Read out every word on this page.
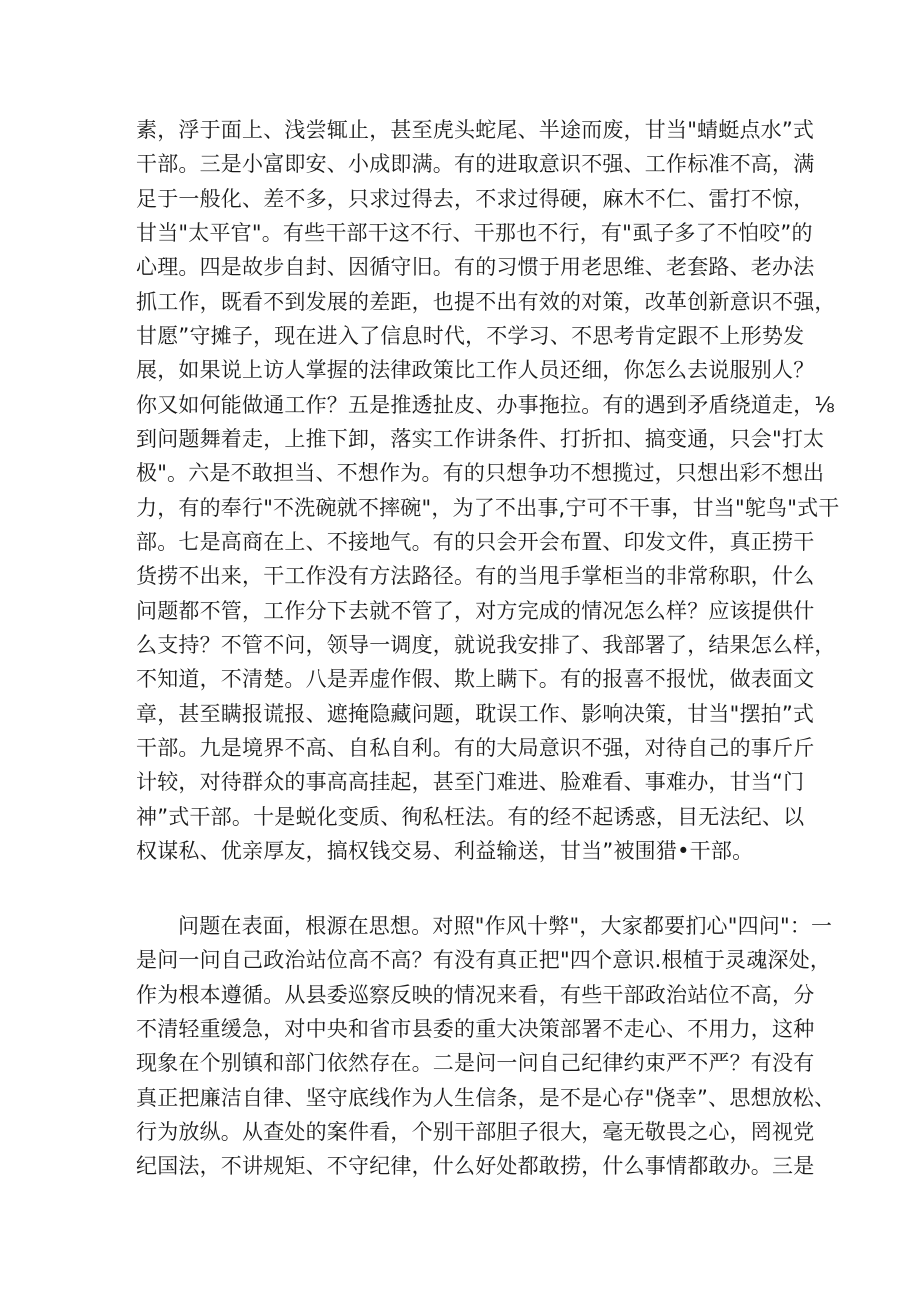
素，浮于面上、浅尝辄止，甚至虎头蛇尾、半途而废，甘当"蜻蜓点水”式
干部。三是小富即安、小成即满。有的进取意识不强、工作标准不高，满
足于一般化、差不多，只求过得去，不求过得硬，麻木不仁、雷打不惊，
甘当"太平官"。有些干部干这不行、干那也不行，有"虱子多了不怕咬”的
心理。四是故步自封、因循守旧。有的习惯于用老思维、老套路、老办法
抓工作，既看不到发展的差距，也提不出有效的对策，改革创新意识不强，
甘愿”守摊子，现在进入了信息时代，不学习、不思考肯定跟不上形势发
展，如果说上访人掌握的法律政策比工作人员还细，你怎么去说服别人？
你又如何能做通工作？五是推透扯皮、办事拖拉。有的遇到矛盾绕道走，⅛
到问题舞着走，上推下卸，落实工作讲条件、打折扣、搞变通，只会"打太
极"。六是不敢担当、不想作为。有的只想争功不想揽过，只想出彩不想出
力，有的奉行"不洗碗就不摔碗"，为了不出事,宁可不干事，甘当"鸵鸟"式干
部。七是高商在上、不接地气。有的只会开会布置、印发文件，真正捞干
货捞不出来，干工作没有方法路径。有的当甩手掌柜当的非常称职，什么
问题都不管，工作分下去就不管了，对方完成的情况怎么样？应该提供什
么支持？不管不问，领导一调度，就说我安排了、我部署了，结果怎么样，
不知道，不清楚。八是弄虚作假、欺上瞒下。有的报喜不报忧，做表面文
章，甚至瞒报谎报、遮掩隐藏问题，耽误工作、影响决策，甘当"摆拍”式
干部。九是境界不高、自私自利。有的大局意识不强，对待自己的事斤斤
计较，对待群众的事高高挂起，甚至门难进、脸难看、事难办，甘当“门
神”式干部。十是蜕化变质、徇私枉法。有的经不起诱惑，目无法纪、以
权谋私、优亲厚友，搞权钱交易、利益输送，甘当”被围猎•干部。
问题在表面，根源在思想。对照"作风十弊"，大家都要扪心"四问"：一
是问一问自己政治站位高不高？有没有真正把"四个意识.根植于灵魂深处，
作为根本遵循。从县委巡察反映的情况来看，有些干部政治站位不高，分
不清轻重缓急，对中央和省市县委的重大决策部署不走心、不用力，这种
现象在个别镇和部门依然存在。二是问一问自己纪律约束严不严？有没有
真正把廉洁自律、坚守底线作为人生信条，是不是心存"侥幸”、思想放松、
行为放纵。从查处的案件看，个别干部胆子很大，毫无敬畏之心，罔视党
纪国法，不讲规矩、不守纪律，什么好处都敢捞，什么事情都敢办。三是
